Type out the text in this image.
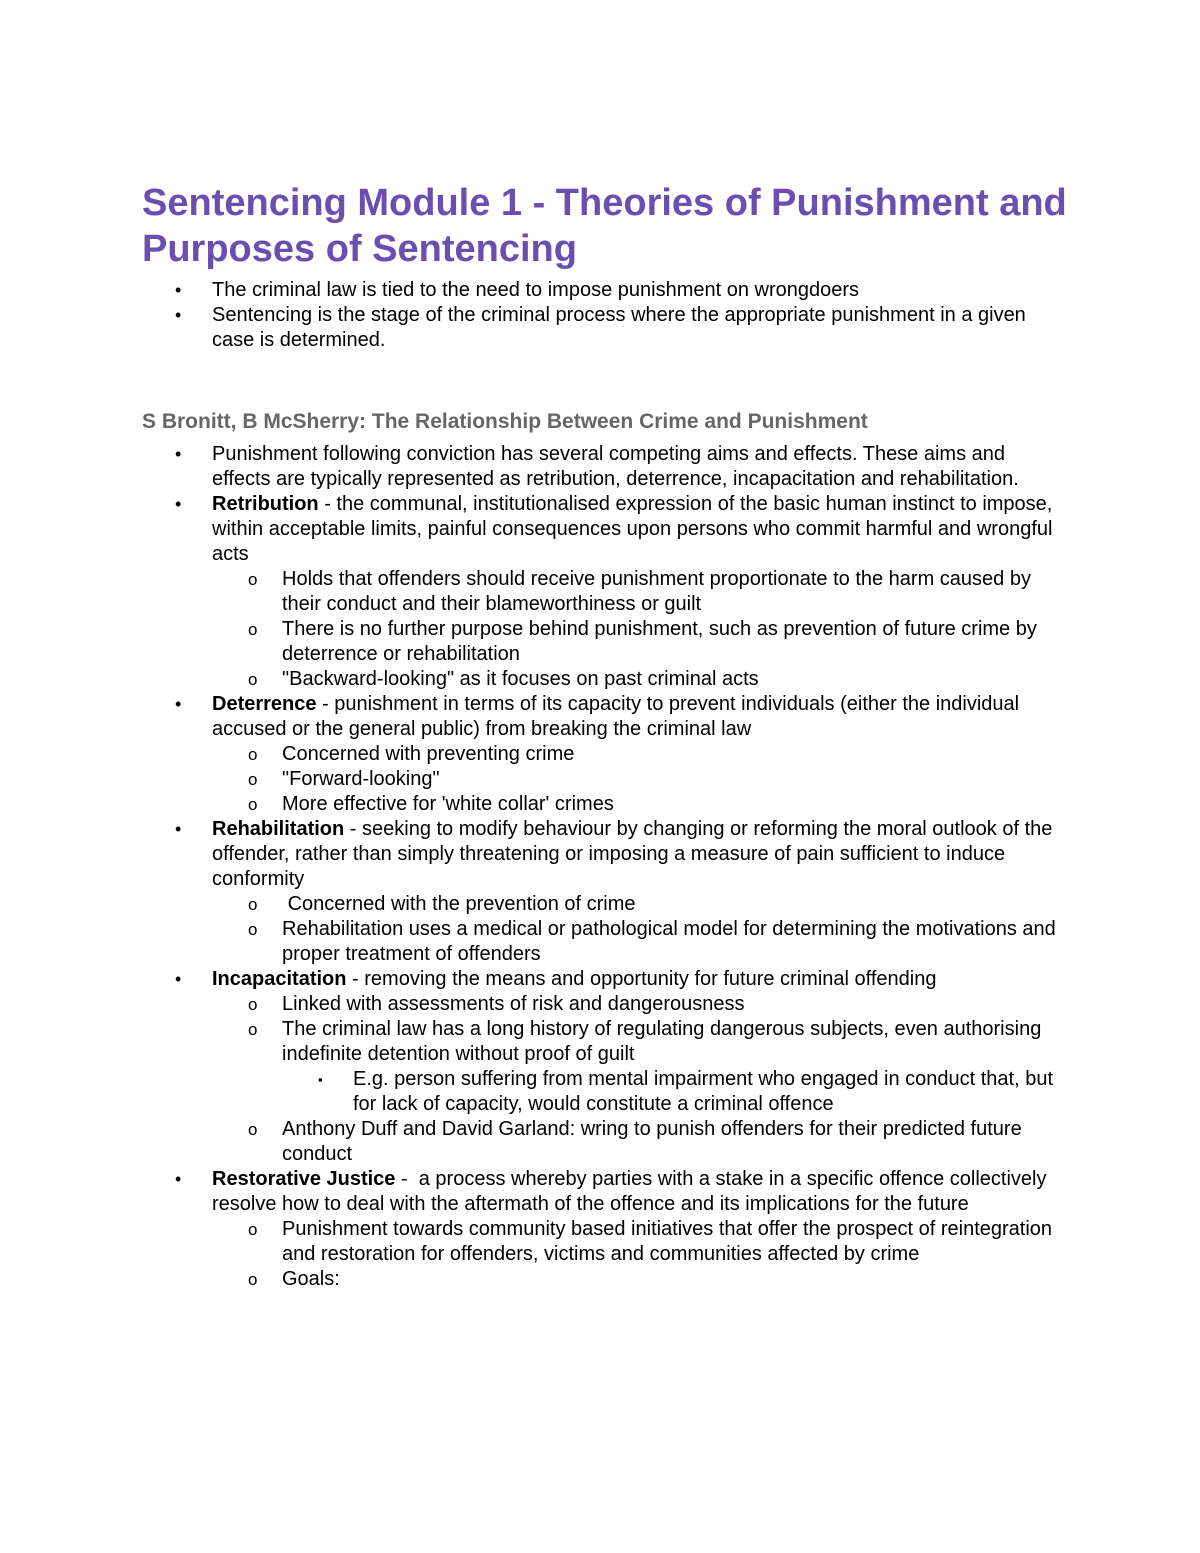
Sentencing Module 1 - Theories of Punishment and Purposes of Sentencing
• The criminal law is tied to the need to impose punishment on wrongdoers
• Sentencing is the stage of the criminal process where the appropriate punishment in a given case is determined.
S Bronitt, B McSherry: The Relationship Between Crime and Punishment
• Punishment following conviction has several competing aims and effects. These aims and effects are typically represented as retribution, deterrence, incapacitation and rehabilitation.
• Retribution - the communal, institutionalised expression of the basic human instinct to impose, within acceptable limits, painful consequences upon persons who commit harmful and wrongful acts
o Holds that offenders should receive punishment proportionate to the harm caused by their conduct and their blameworthiness or guilt
o There is no further purpose behind punishment, such as prevention of future crime by deterrence or rehabilitation
o "Backward-looking" as it focuses on past criminal acts
• Deterrence - punishment in terms of its capacity to prevent individuals (either the individual accused or the general public) from breaking the criminal law
o Concerned with preventing crime
o "Forward-looking"
o More effective for 'white collar' crimes
• Rehabilitation - seeking to modify behaviour by changing or reforming the moral outlook of the offender, rather than simply threatening or imposing a measure of pain sufficient to induce conformity
o Concerned with the prevention of crime
o Rehabilitation uses a medical or pathological model for determining the motivations and proper treatment of offenders
• Incapacitation - removing the means and opportunity for future criminal offending
o Linked with assessments of risk and dangerousness
o The criminal law has a long history of regulating dangerous subjects, even authorising indefinite detention without proof of guilt
▪ E.g. person suffering from mental impairment who engaged in conduct that, but for lack of capacity, would constitute a criminal offence
o Anthony Duff and David Garland: wring to punish offenders for their predicted future conduct
• Restorative Justice -  a process whereby parties with a stake in a specific offence collectively resolve how to deal with the aftermath of the offence and its implications for the future
o Punishment towards community based initiatives that offer the prospect of reintegration and restoration for offenders, victims and communities affected by crime
o Goals:
